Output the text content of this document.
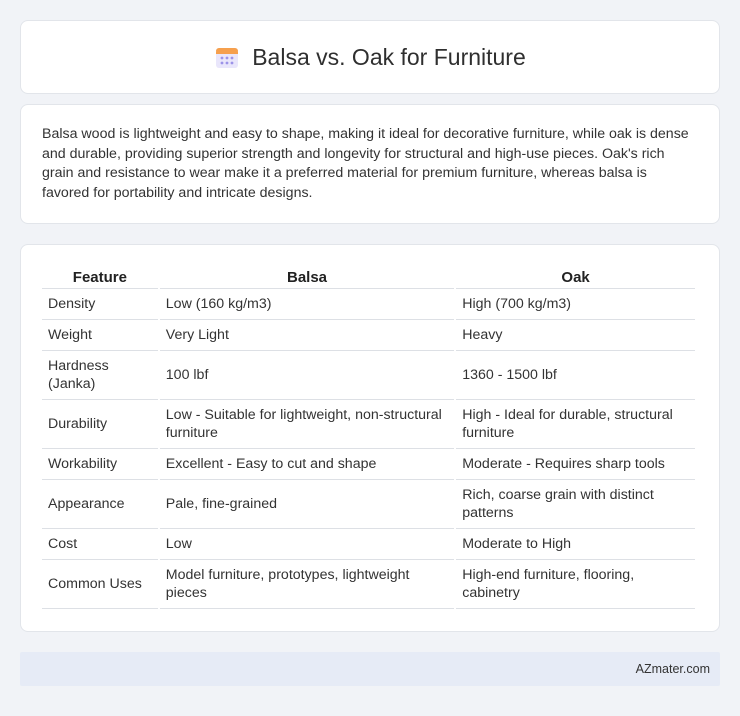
Balsa vs. Oak for Furniture

Balsa wood is lightweight and easy to shape, making it ideal for decorative furniture, while oak is dense and durable, providing superior strength and longevity for structural and high-use pieces. Oak's rich grain and resistance to wear make it a preferred material for premium furniture, whereas balsa is favored for portability and intricate designs.

Feature	Balsa	Oak
Density	Low (160 kg/m3)	High (700 kg/m3)
Weight	Very Light	Heavy
Hardness (Janka)	100 lbf	1360 - 1500 lbf
Durability	Low - Suitable for lightweight, non-structural furniture	High - Ideal for durable, structural furniture
Workability	Excellent - Easy to cut and shape	Moderate - Requires sharp tools
Appearance	Pale, fine-grained	Rich, coarse grain with distinct patterns
Cost	Low	Moderate to High
Common Uses	Model furniture, prototypes, lightweight pieces	High-end furniture, flooring, cabinetry
AZmater.com
